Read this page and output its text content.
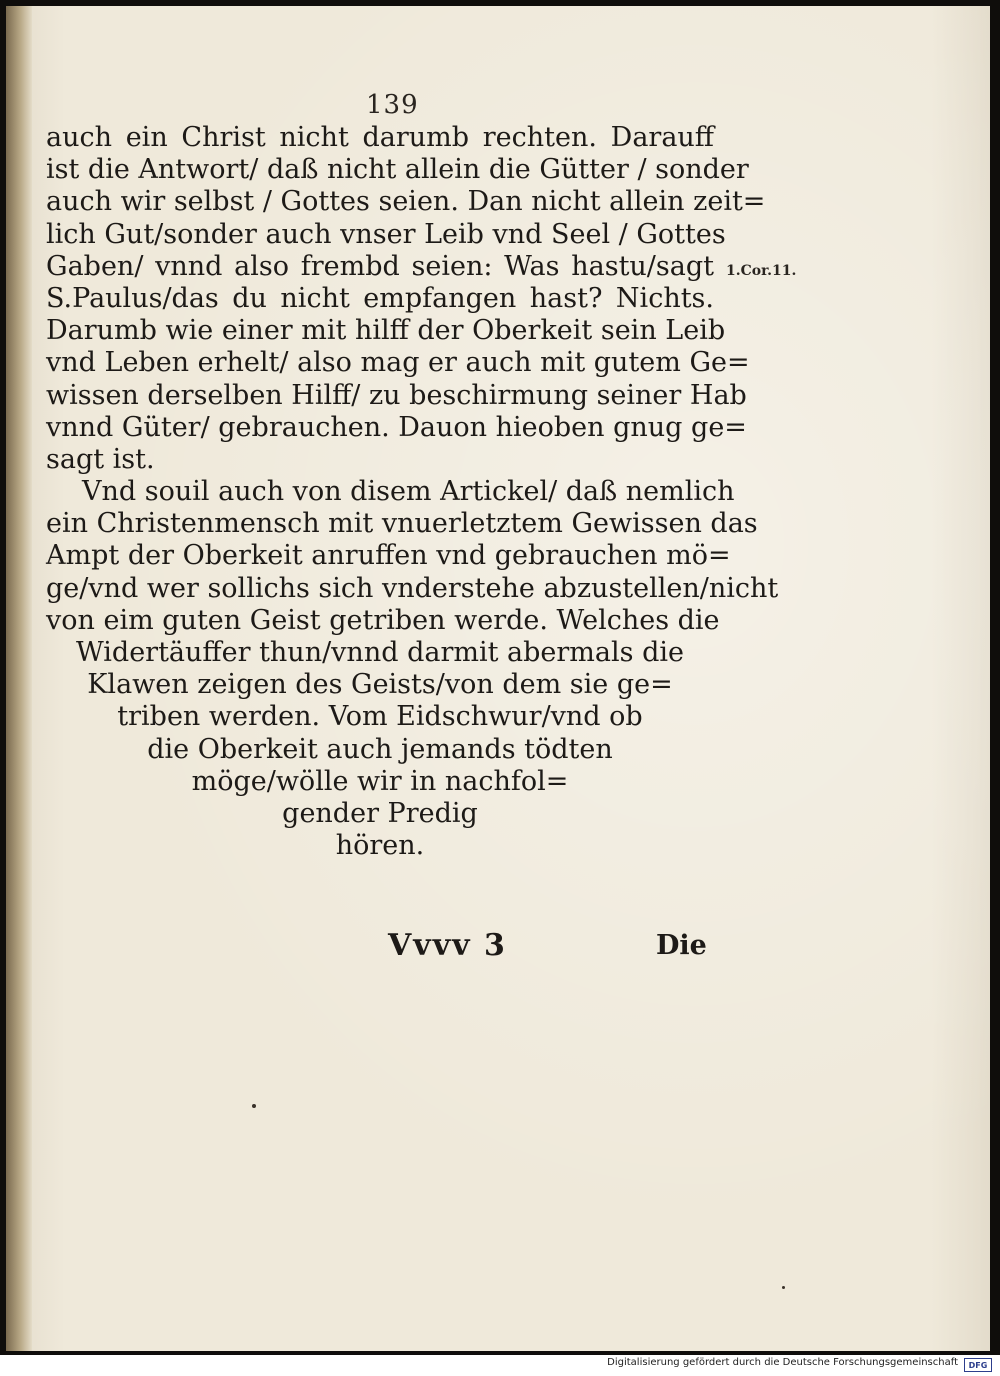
139
1.Cor.11.
auch ein Christ nicht darumb rechten. Darauff
ist die Antwort/ daß nicht allein die Gütter / sonder
auch wir selbst / Gottes seien. Dan nicht allein zeit=
lich Gut/sonder auch vnser Leib vnd Seel / Gottes
Gaben/ vnnd also frembd seien: Was hastu/sagt
S.Paulus/das du nicht empfangen hast? Nichts.
Darumb wie einer mit hilff der Oberkeit sein Leib
vnd Leben erhelt/ also mag er auch mit gutem Ge=
wissen derselben Hilff/ zu beschirmung seiner Hab
vnnd Güter/ gebrauchen. Dauon hieoben gnug ge=
sagt ist.
Vnd souil auch von disem Artickel/ daß nemlich
ein Christenmensch mit vnuerletztem Gewissen das
Ampt der Oberkeit anruffen vnd gebrauchen mö=
ge/vnd wer sollichs sich vnderstehe abzustellen/nicht
von eim guten Geist getriben werde. Welches die
Widertäuffer thun/vnnd darmit abermals die
Klawen zeigen des Geists/von dem sie ge=
triben werden. Vom Eidschwur/vnd ob
die Oberkeit auch jemands tödten
möge/wölle wir in nachfol=
gender Predig
hören.
Vvvv 3	Die
Digitalisierung gefördert durch die Deutsche Forschungsgemeinschaft	DFG
